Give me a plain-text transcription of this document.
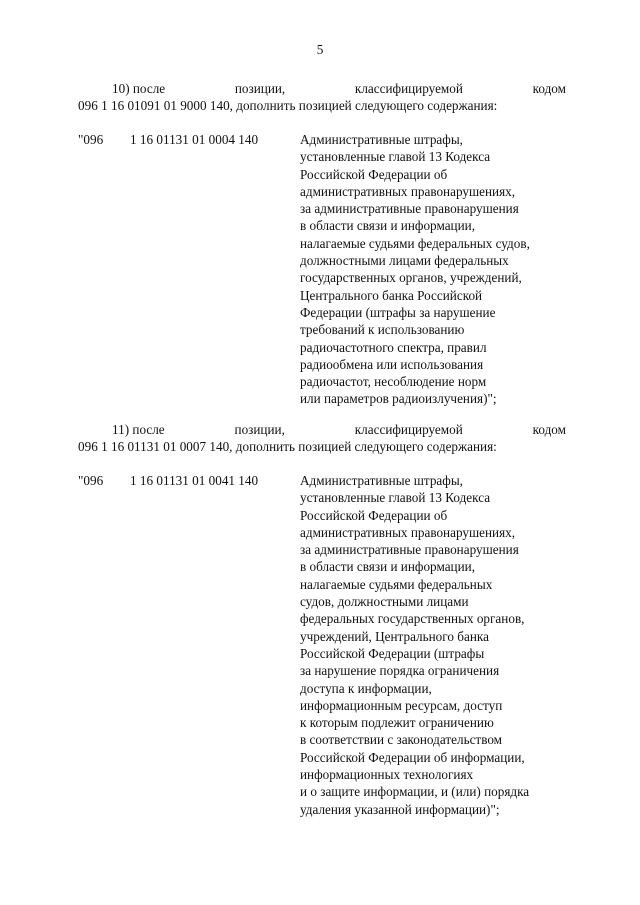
5
10) после	позиции,	классифицируемой	кодом
096 1 16 01091 01 9000 140, дополнить позицией следующего содержания:
"096 1 16 01131 01 0004 140	Административные штрафы,
установленные главой 13 Кодекса
Российской Федерации об
административных правонарушениях,
за административные правонарушения
в области связи и информации,
налагаемые судьями федеральных судов,
должностными лицами федеральных
государственных органов, учреждений,
Центрального банка Российской
Федерации (штрафы за нарушение
требований к использованию
радиочастотного спектра, правил
радиообмена или использования
радиочастот, несоблюдение норм
или параметров радиоизлучения)";
11) после	позиции,	классифицируемой	кодом
096 1 16 01131 01 0007 140, дополнить позицией следующего содержания:
"096 1 16 01131 01 0041 140	Административные штрафы,
установленные главой 13 Кодекса
Российской Федерации об
административных правонарушениях,
за административные правонарушения
в области связи и информации,
налагаемые судьями федеральных
судов, должностными лицами
федеральных государственных органов,
учреждений, Центрального банка
Российской Федерации (штрафы
за нарушение порядка ограничения
доступа к информации,
информационным ресурсам, доступ
к которым подлежит ограничению
в соответствии с законодательством
Российской Федерации об информации,
информационных технологиях
и о защите информации, и (или) порядка
удаления указанной информации)";
